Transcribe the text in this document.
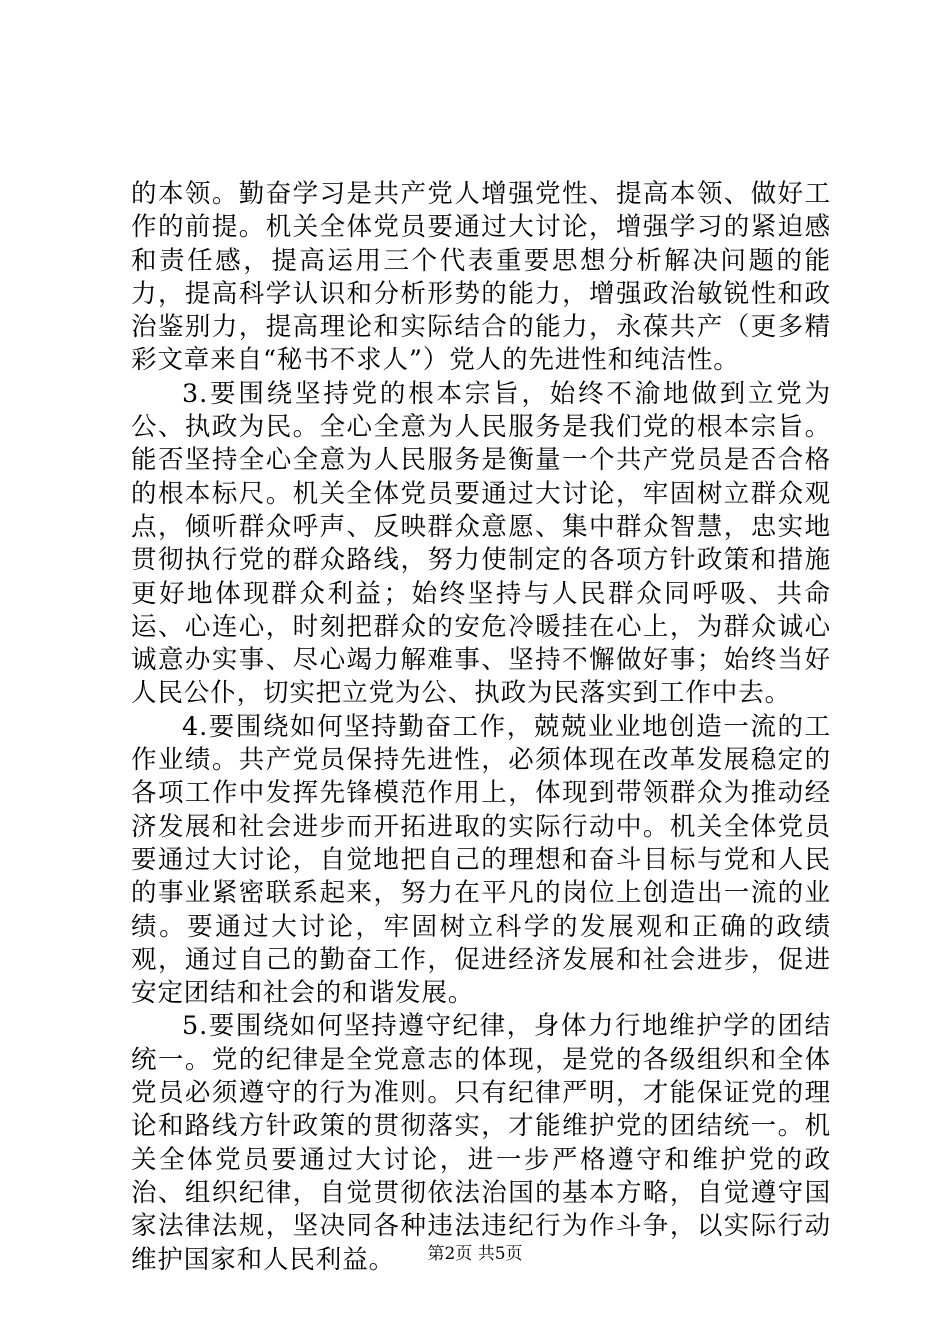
的本领。勤奋学习是共产党人增强党性、提高本领、做好工作的前提。机关全体党员要通过大讨论，增强学习的紧迫感和责任感，提高运用三个代表重要思想分析解决问题的能力，提高科学认识和分析形势的能力，增强政治敏锐性和政治鉴别力，提高理论和实际结合的能力，永葆共产（更多精彩文章来自“秘书不求人”）党人的先进性和纯洁性。

3.要围绕坚持党的根本宗旨，始终不渝地做到立党为公、执政为民。全心全意为人民服务是我们党的根本宗旨。能否坚持全心全意为人民服务是衡量一个共产党员是否合格的根本标尺。机关全体党员要通过大讨论，牢固树立群众观点，倾听群众呼声、反映群众意愿、集中群众智慧，忠实地贯彻执行党的群众路线，努力使制定的各项方针政策和措施更好地体现群众利益；始终坚持与人民群众同呼吸、共命运、心连心，时刻把群众的安危冷暖挂在心上，为群众诚心诚意办实事、尽心竭力解难事、坚持不懈做好事；始终当好人民公仆，切实把立党为公、执政为民落实到工作中去。

4.要围绕如何坚持勤奋工作，兢兢业业地创造一流的工作业绩。共产党员保持先进性，必须体现在改革发展稳定的各项工作中发挥先锋模范作用上，体现到带领群众为推动经济发展和社会进步而开拓进取的实际行动中。机关全体党员要通过大讨论，自觉地把自己的理想和奋斗目标与党和人民的事业紧密联系起来，努力在平凡的岗位上创造出一流的业绩。要通过大讨论，牢固树立科学的发展观和正确的政绩观，通过自己的勤奋工作，促进经济发展和社会进步，促进安定团结和社会的和谐发展。

5.要围绕如何坚持遵守纪律，身体力行地维护学的团结统一。党的纪律是全党意志的体现，是党的各级组织和全体党员必须遵守的行为准则。只有纪律严明，才能保证党的理论和路线方针政策的贯彻落实，才能维护党的团结统一。机关全体党员要通过大讨论，进一步严格遵守和维护党的政治、组织纪律，自觉贯彻依法治国的基本方略，自觉遵守国家法律法规，坚决同各种违法违纪行为作斗争，以实际行动维护国家和人民利益。	第2页 共5页
